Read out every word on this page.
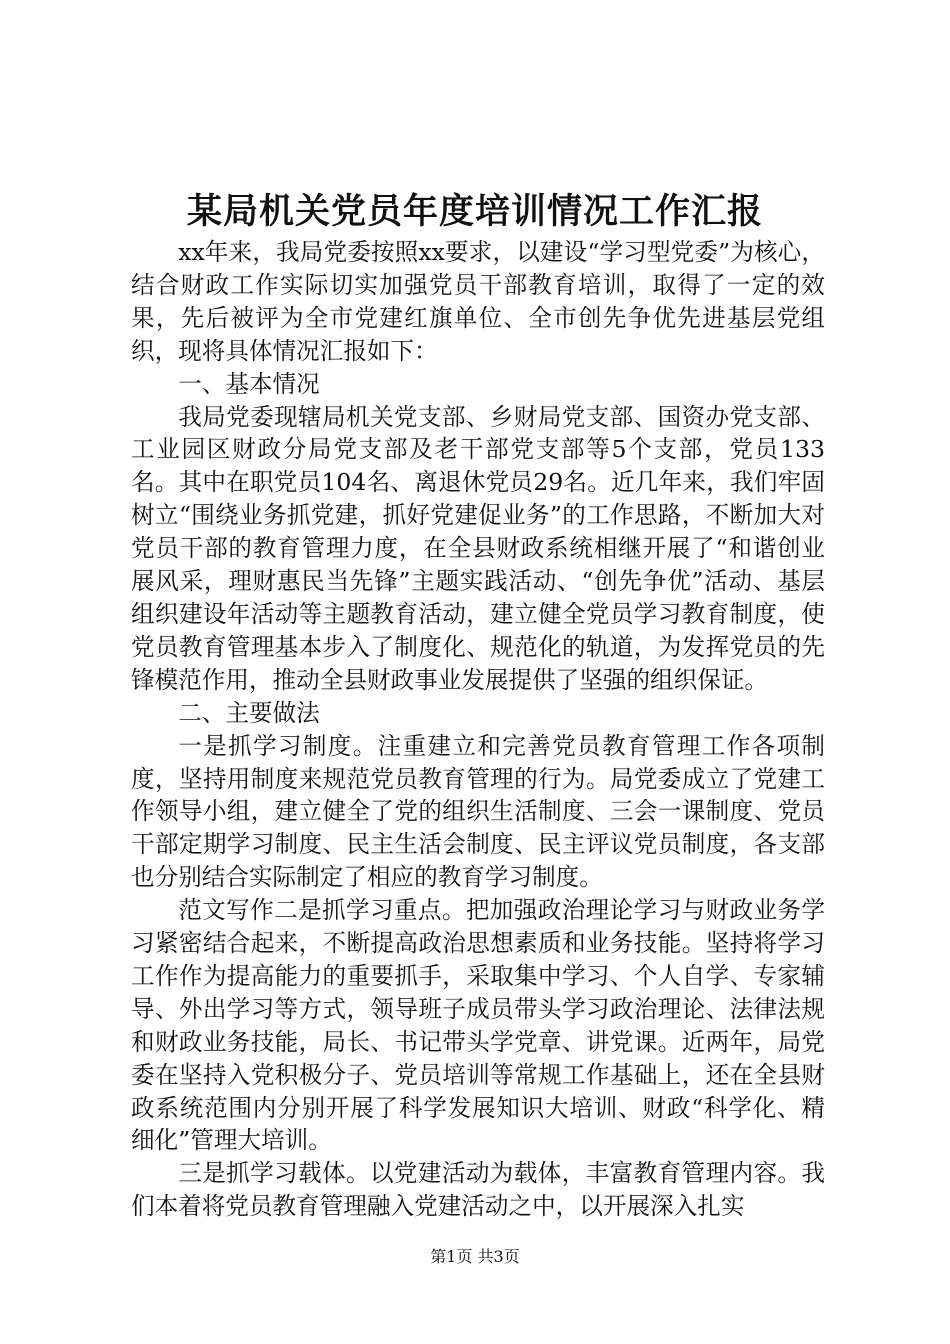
某局机关党员年度培训情况工作汇报

xx年来，我局党委按照xx要求，以建设“学习型党委”为核心，结合财政工作实际切实加强党员干部教育培训，取得了一定的效果，先后被评为全市党建红旗单位、全市创先争优先进基层党组织，现将具体情况汇报如下：

一、基本情况

我局党委现辖局机关党支部、乡财局党支部、国资办党支部、工业园区财政分局党支部及老干部党支部等5个支部，党员133名。其中在职党员104名、离退休党员29名。近几年来，我们牢固树立“围绕业务抓党建，抓好党建促业务”的工作思路，不断加大对党员干部的教育管理力度，在全县财政系统相继开展了“和谐创业展风采，理财惠民当先锋”主题实践活动、“创先争优”活动、基层组织建设年活动等主题教育活动，建立健全党员学习教育制度，使党员教育管理基本步入了制度化、规范化的轨道，为发挥党员的先锋模范作用，推动全县财政事业发展提供了坚强的组织保证。

二、主要做法

一是抓学习制度。注重建立和完善党员教育管理工作各项制度，坚持用制度来规范党员教育管理的行为。局党委成立了党建工作领导小组，建立健全了党的组织生活制度、三会一课制度、党员干部定期学习制度、民主生活会制度、民主评议党员制度，各支部也分别结合实际制定了相应的教育学习制度。

范文写作二是抓学习重点。把加强政治理论学习与财政业务学习紧密结合起来，不断提高政治思想素质和业务技能。坚持将学习工作作为提高能力的重要抓手，采取集中学习、个人自学、专家辅导、外出学习等方式，领导班子成员带头学习政治理论、法律法规和财政业务技能，局长、书记带头学党章、讲党课。近两年，局党委在坚持入党积极分子、党员培训等常规工作基础上，还在全县财政系统范围内分别开展了科学发展知识大培训、财政“科学化、精细化”管理大培训。

三是抓学习载体。以党建活动为载体，丰富教育管理内容。我们本着将党员教育管理融入党建活动之中，以开展深入扎实

第1页 共3页
